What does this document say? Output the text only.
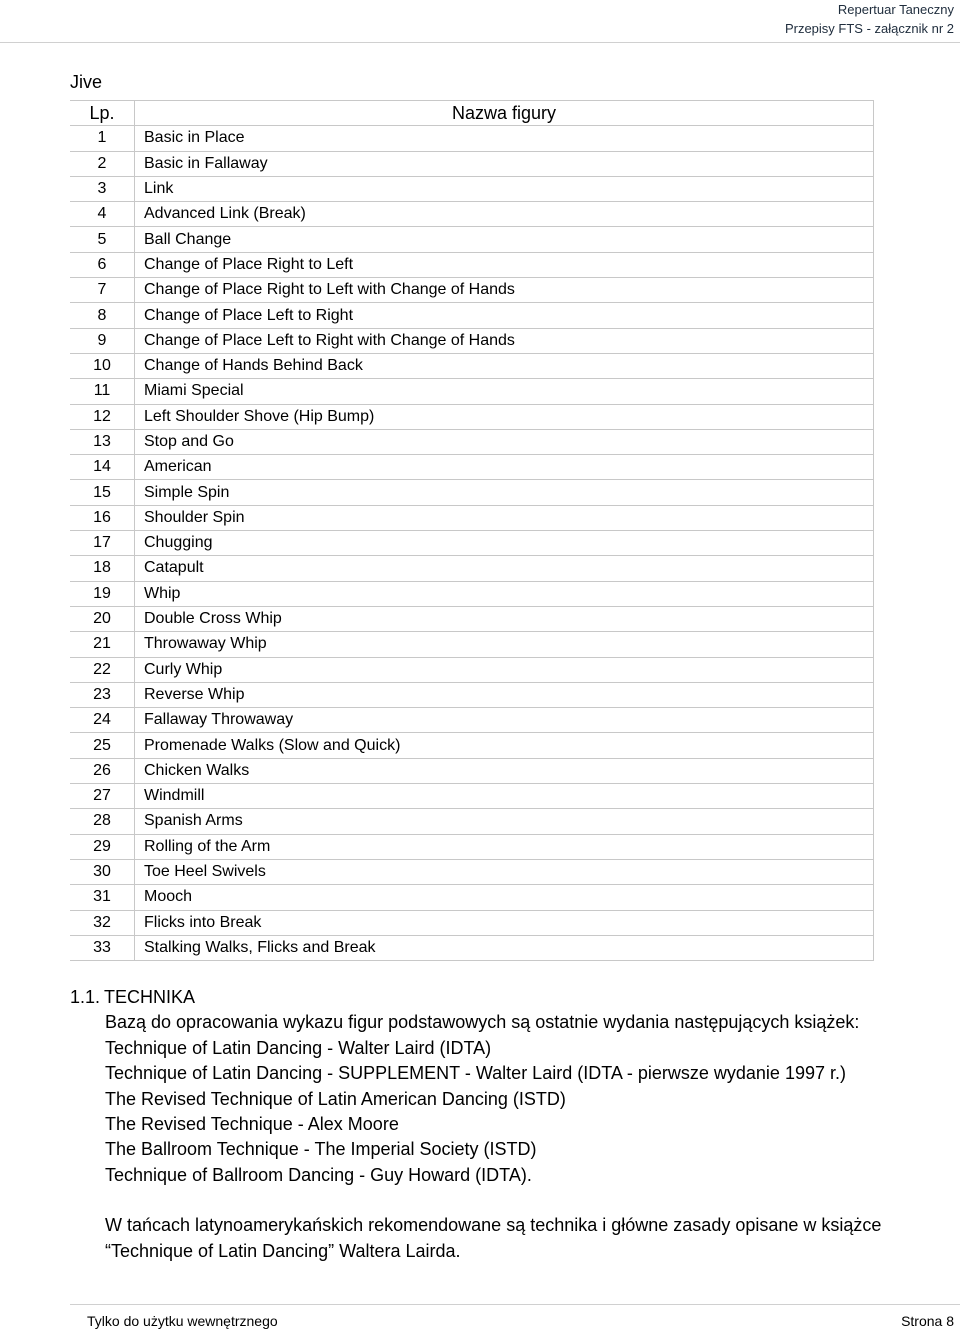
Repertuar Taneczny
Przepisy FTS - załącznik nr 2
Jive
Lp.	Nazwa figury
1	Basic in Place
2	Basic in Fallaway
3	Link
4	Advanced Link (Break)
5	Ball Change
6	Change of Place Right to Left
7	Change of Place Right to Left with Change of Hands
8	Change of Place Left to Right
9	Change of Place Left to Right with Change of Hands
10	Change of Hands Behind Back
11	Miami Special
12	Left Shoulder Shove (Hip Bump)
13	Stop and Go
14	American
15	Simple Spin
16	Shoulder Spin
17	Chugging
18	Catapult
19	Whip
20	Double Cross Whip
21	Throwaway Whip
22	Curly Whip
23	Reverse Whip
24	Fallaway Throwaway
25	Promenade Walks (Slow and Quick)
26	Chicken Walks
27	Windmill
28	Spanish Arms
29	Rolling of the Arm
30	Toe Heel Swivels
31	Mooch
32	Flicks into Break
33	Stalking Walks, Flicks and Break
1.1. TECHNIKA
Bazą do opracowania wykazu figur podstawowych są ostatnie wydania następujących książek:
Technique of Latin Dancing - Walter Laird (IDTA)
Technique of Latin Dancing - SUPPLEMENT - Walter Laird (IDTA - pierwsze wydanie 1997 r.)
The Revised Technique of Latin American Dancing (ISTD)
The Revised Technique - Alex Moore
The Ballroom Technique - The Imperial Society (ISTD)
Technique of Ballroom Dancing - Guy Howard (IDTA).
W tańcach latynoamerykańskich rekomendowane są technika i główne zasady opisane w książce “Technique of Latin Dancing” Waltera Lairda.
Tylko do użytku wewnętrznego	Strona 8
